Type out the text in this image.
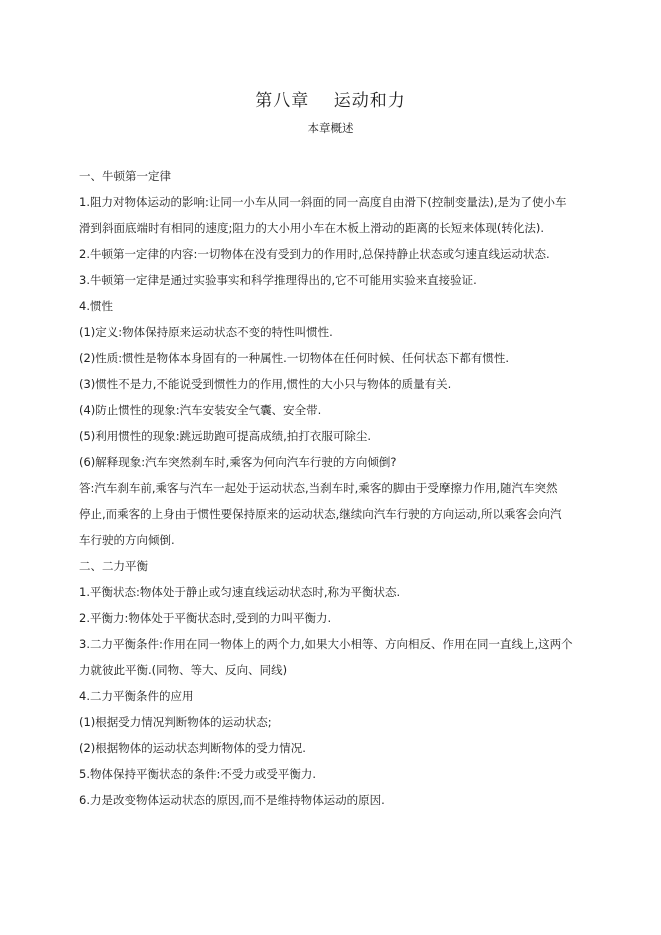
第八章　 运动和力
本章概述
一、牛顿第一定律
1.阻力对物体运动的影响:让同一小车从同一斜面的同一高度自由滑下(控制变量法),是为了使小车
滑到斜面底端时有相同的速度;阻力的大小用小车在木板上滑动的距离的长短来体现(转化法).
2.牛顿第一定律的内容:一切物体在没有受到力的作用时,总保持静止状态或匀速直线运动状态.
3.牛顿第一定律是通过实验事实和科学推理得出的,它不可能用实验来直接验证.
4.惯性
(1)定义:物体保持原来运动状态不变的特性叫惯性.
(2)性质:惯性是物体本身固有的一种属性.一切物体在任何时候、任何状态下都有惯性.
(3)惯性不是力,不能说受到惯性力的作用,惯性的大小只与物体的质量有关.
(4)防止惯性的现象:汽车安装安全气囊、安全带.
(5)利用惯性的现象:跳远助跑可提高成绩,拍打衣服可除尘.
(6)解释现象:汽车突然刹车时,乘客为何向汽车行驶的方向倾倒?
答:汽车刹车前,乘客与汽车一起处于运动状态,当刹车时,乘客的脚由于受摩擦力作用,随汽车突然
停止,而乘客的上身由于惯性要保持原来的运动状态,继续向汽车行驶的方向运动,所以乘客会向汽
车行驶的方向倾倒.
二、二力平衡
1.平衡状态:物体处于静止或匀速直线运动状态时,称为平衡状态.
2.平衡力:物体处于平衡状态时,受到的力叫平衡力.
3.二力平衡条件:作用在同一物体上的两个力,如果大小相等、方向相反、作用在同一直线上,这两个
力就彼此平衡.(同物、等大、反向、同线)
4.二力平衡条件的应用
(1)根据受力情况判断物体的运动状态;
(2)根据物体的运动状态判断物体的受力情况.
5.物体保持平衡状态的条件:不受力或受平衡力.
6.力是改变物体运动状态的原因,而不是维持物体运动的原因.
